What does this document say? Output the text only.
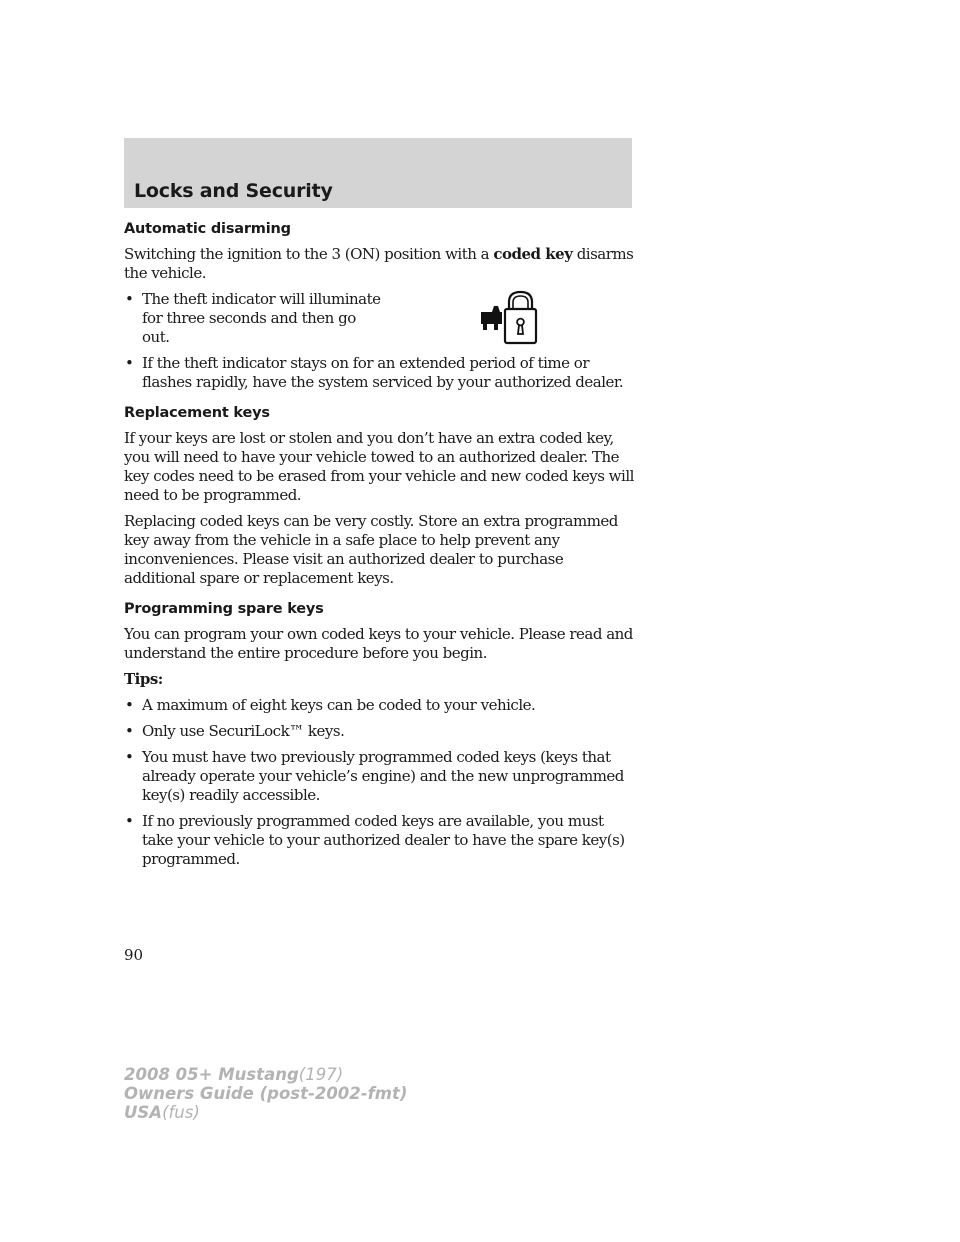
Locks and Security
Automatic disarming

Switching the ignition to the 3 (ON) position with a coded key disarms the vehicle.

• The theft indicator will illuminate for three seconds and then go out.
• If the theft indicator stays on for an extended period of time or flashes rapidly, have the system serviced by your authorized dealer.
Replacement keys

If your keys are lost or stolen and you don’t have an extra coded key, you will need to have your vehicle towed to an authorized dealer. The key codes need to be erased from your vehicle and new coded keys will need to be programmed.

Replacing coded keys can be very costly. Store an extra programmed key away from the vehicle in a safe place to help prevent any inconveniences. Please visit an authorized dealer to purchase additional spare or replacement keys.

Programming spare keys

You can program your own coded keys to your vehicle. Please read and understand the entire procedure before you begin.

Tips:

• A maximum of eight keys can be coded to your vehicle.
• Only use SecuriLock™ keys.
• You must have two previously programmed coded keys (keys that already operate your vehicle’s engine) and the new unprogrammed key(s) readily accessible.
• If no previously programmed coded keys are available, you must take your vehicle to your authorized dealer to have the spare key(s) programmed.
90
2008 05+ Mustang(197)
Owners Guide (post-2002-fmt)
USA(fus)
